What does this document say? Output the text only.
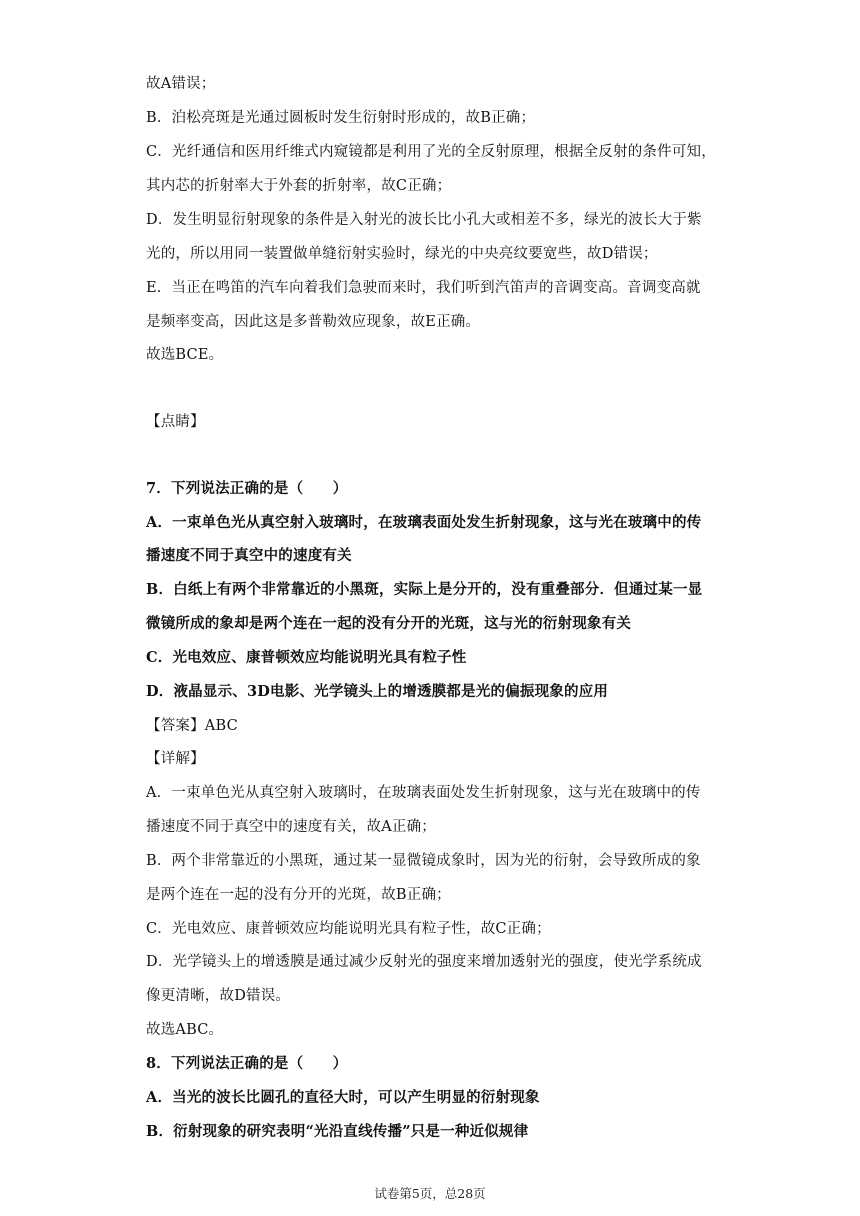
故A错误；
B．泊松亮斑是光通过圆板时发生衍射时形成的，故B正确；
C．光纤通信和医用纤维式内窥镜都是利用了光的全反射原理，根据全反射的条件可知，
其内芯的折射率大于外套的折射率，故C正确；
D．发生明显衍射现象的条件是入射光的波长比小孔大或相差不多，绿光的波长大于紫
光的，所以用同一装置做单缝衍射实验时，绿光的中央亮纹要宽些，故D错误；
E．当正在鸣笛的汽车向着我们急驶而来时，我们听到汽笛声的音调变高。音调变高就
是频率变高，因此这是多普勒效应现象，故E正确。
故选BCE。
【点睛】
7．下列说法正确的是（　　）
A．一束单色光从真空射入玻璃时，在玻璃表面处发生折射现象，这与光在玻璃中的传
播速度不同于真空中的速度有关
B．白纸上有两个非常靠近的小黑斑，实际上是分开的，没有重叠部分．但通过某一显
微镜所成的象却是两个连在一起的没有分开的光斑，这与光的衍射现象有关
C．光电效应、康普顿效应均能说明光具有粒子性
D．液晶显示、3D电影、光学镜头上的增透膜都是光的偏振现象的应用
【答案】ABC
【详解】
A．一束单色光从真空射入玻璃时，在玻璃表面处发生折射现象，这与光在玻璃中的传
播速度不同于真空中的速度有关，故A正确；
B．两个非常靠近的小黑斑，通过某一显微镜成象时，因为光的衍射，会导致所成的象
是两个连在一起的没有分开的光斑，故B正确；
C．光电效应、康普顿效应均能说明光具有粒子性，故C正确；
D．光学镜头上的增透膜是通过减少反射光的强度来增加透射光的强度，使光学系统成
像更清晰，故D错误。
故选ABC。
8．下列说法正确的是（　　）
A．当光的波长比圆孔的直径大时，可以产生明显的衍射现象
B．衍射现象的研究表明“光沿直线传播”只是一种近似规律
试卷第5页，总28页
